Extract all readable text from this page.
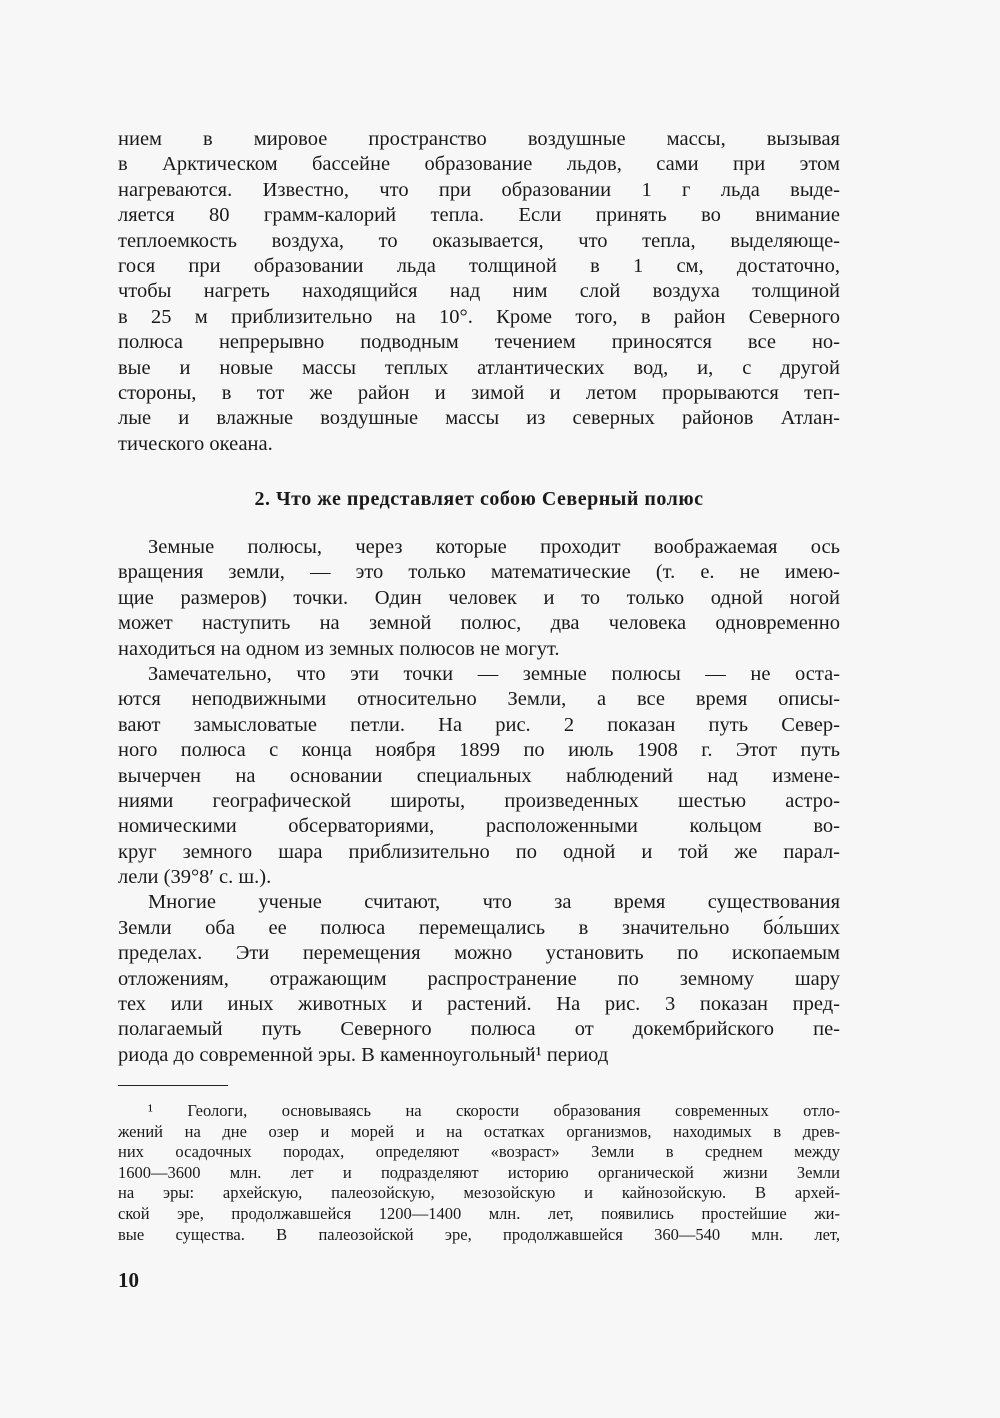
нием в мировое пространство воздушные массы, вызывая
в Арктическом бассейне образование льдов, сами при этом
нагреваются. Известно, что при образовании 1 г льда выде-
ляется 80 грамм-калорий тепла. Если принять во внимание
теплоемкость воздуха, то оказывается, что тепла, выделяюще-
гося при образовании льда толщиной в 1 см, достаточно,
чтобы нагреть находящийся над ним слой воздуха толщиной
в 25 м приблизительно на 10°. Кроме того, в район Северного
полюса непрерывно подводным течением приносятся все но-
вые и новые массы теплых атлантических вод, и, с другой
стороны, в тот же район и зимой и летом прорываются теп-
лые и влажные воздушные массы из северных районов Атлан-
тического океана.
2. Что же представляет собою Северный полюс
Земные полюсы, через которые проходит воображаемая ось
вращения земли, — это только математические (т. е. не имею-
щие размеров) точки. Один человек и то только одной ногой
может наступить на земной полюс, два человека одновременно
находиться на одном из земных полюсов не могут.
Замечательно, что эти точки — земные полюсы — не оста-
ются неподвижными относительно Земли, а все время описы-
вают замысловатые петли. На рис. 2 показан путь Север-
ного полюса с конца ноября 1899 по июль 1908 г. Этот путь
вычерчен на основании специальных наблюдений над измене-
ниями географической широты, произведенных шестью астро-
номическими обсерваториями, расположенными кольцом во-
круг земного шара приблизительно по одной и той же парал-
лели (39°8′ с. ш.).
Многие ученые считают, что за время существования
Земли оба ее полюса перемещались в значительно бо́льших
пределах. Эти перемещения можно установить по ископаемым
отложениям, отражающим распространение по земному шару
тех или иных животных и растений. На рис. 3 показан пред-
полагаемый путь Северного полюса от докембрийского пе-
риода до современной эры. В каменноугольный¹ период
¹ Геологи, основываясь на скорости образования современных отло-
жений на дне озер и морей и на остатках организмов, находимых в древ-
них осадочных породах, определяют «возраст» Земли в среднем между
1600—3600 млн. лет и подразделяют историю органической жизни Земли
на эры: архейскую, палеозойскую, мезозойскую и кайнозойскую. В архей-
ской эре, продолжавшейся 1200—1400 млн. лет, появились простейшие жи-
вые существа. В палеозойской эре, продолжавшейся 360—540 млн. лет,
10
